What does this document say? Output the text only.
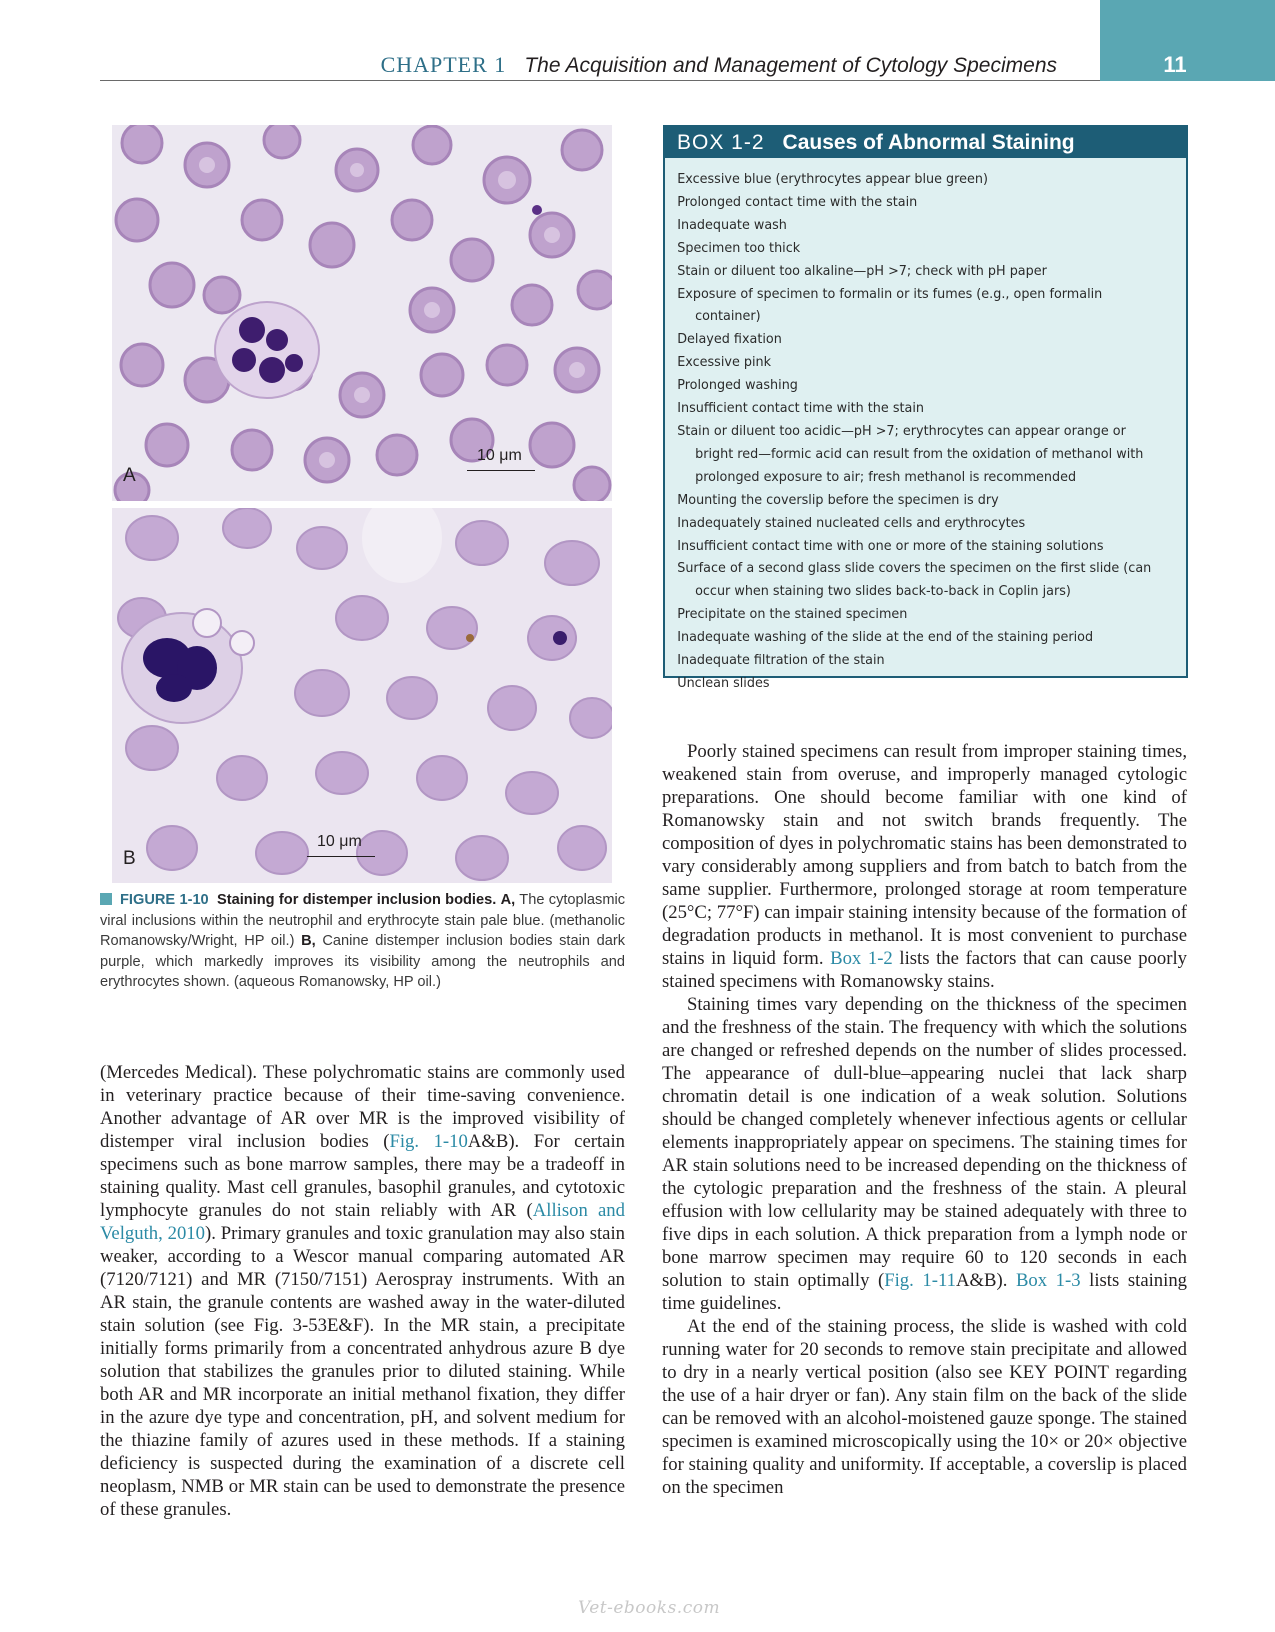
11
CHAPTER 1 The Acquisition and Management of Cytology Specimens
A
10 μm
B
10 μm
FIGURE 1-10 Staining for distemper inclusion bodies. A, The cytoplasmic viral inclusions within the neutrophil and erythrocyte stain pale blue. (methanolic Romanowsky/Wright, HP oil.) B, Canine distemper inclusion bodies stain dark purple, which markedly improves its visibility among the neutrophils and erythrocytes shown. (aqueous Romanowsky, HP oil.)

(Mercedes Medical). These polychromatic stains are commonly used in veterinary practice because of their time-saving convenience. Another advantage of AR over MR is the improved visibility of distemper viral inclusion bodies (Fig. 1-10A&B). For certain specimens such as bone marrow samples, there may be a tradeoff in staining quality. Mast cell granules, basophil granules, and cytotoxic lymphocyte granules do not stain reliably with AR (Allison and Velguth, 2010). Primary granules and toxic granulation may also stain weaker, according to a Wescor manual comparing automated AR (7120/7121) and MR (7150/7151) Aerospray instruments. With an AR stain, the granule contents are washed away in the water-diluted stain solution (see Fig. 3-53E&F). In the MR stain, a precipitate initially forms primarily from a concentrated anhydrous azure B dye solution that stabilizes the granules prior to diluted staining. While both AR and MR incorporate an initial methanol fixation, they differ in the azure dye type and concentration, pH, and solvent medium for the thiazine family of azures used in these methods. If a staining deficiency is suspected during the examination of a discrete cell neoplasm, NMB or MR stain can be used to demonstrate the presence of these granules.

BOX 1-2 Causes of Abnormal Staining
Excessive blue (erythrocytes appear blue green)
Prolonged contact time with the stain
Inadequate wash
Specimen too thick
Stain or diluent too alkaline—pH >7; check with pH paper
Exposure of specimen to formalin or its fumes (e.g., open formalin container)
Delayed fixation
Excessive pink
Prolonged washing
Insufficient contact time with the stain
Stain or diluent too acidic—pH >7; erythrocytes can appear orange or bright red—formic acid can result from the oxidation of methanol with prolonged exposure to air; fresh methanol is recommended
Mounting the coverslip before the specimen is dry
Inadequately stained nucleated cells and erythrocytes
Insufficient contact time with one or more of the staining solutions
Surface of a second glass slide covers the specimen on the first slide (can occur when staining two slides back-to-back in Coplin jars)
Precipitate on the stained specimen
Inadequate washing of the slide at the end of the staining period
Inadequate filtration of the stain
Unclean slides

Poorly stained specimens can result from improper staining times, weakened stain from overuse, and improperly managed cytologic preparations. One should become familiar with one kind of Romanowsky stain and not switch brands frequently. The composition of dyes in polychromatic stains has been demonstrated to vary considerably among suppliers and from batch to batch from the same supplier. Furthermore, prolonged storage at room temperature (25°C; 77°F) can impair staining intensity because of the formation of degradation products in methanol. It is most convenient to purchase stains in liquid form. Box 1-2 lists the factors that can cause poorly stained specimens with Romanowsky stains.

Staining times vary depending on the thickness of the specimen and the freshness of the stain. The frequency with which the solutions are changed or refreshed depends on the number of slides processed. The appearance of dull-blue–appearing nuclei that lack sharp chromatin detail is one indication of a weak solution. Solutions should be changed completely whenever infectious agents or cellular elements inappropriately appear on specimens. The staining times for AR stain solutions need to be increased depending on the thickness of the cytologic preparation and the freshness of the stain. A pleural effusion with low cellularity may be stained adequately with three to five dips in each solution. A thick preparation from a lymph node or bone marrow specimen may require 60 to 120 seconds in each solution to stain optimally (Fig. 1-11A&B). Box 1-3 lists staining time guidelines.

At the end of the staining process, the slide is washed with cold running water for 20 seconds to remove stain precipitate and allowed to dry in a nearly vertical position (also see KEY POINT regarding the use of a hair dryer or fan). Any stain film on the back of the slide can be removed with an alcohol-moistened gauze sponge. The stained specimen is examined microscopically using the 10× or 20× objective for staining quality and uniformity. If acceptable, a coverslip is placed on the specimen

Vet-ebooks.com
